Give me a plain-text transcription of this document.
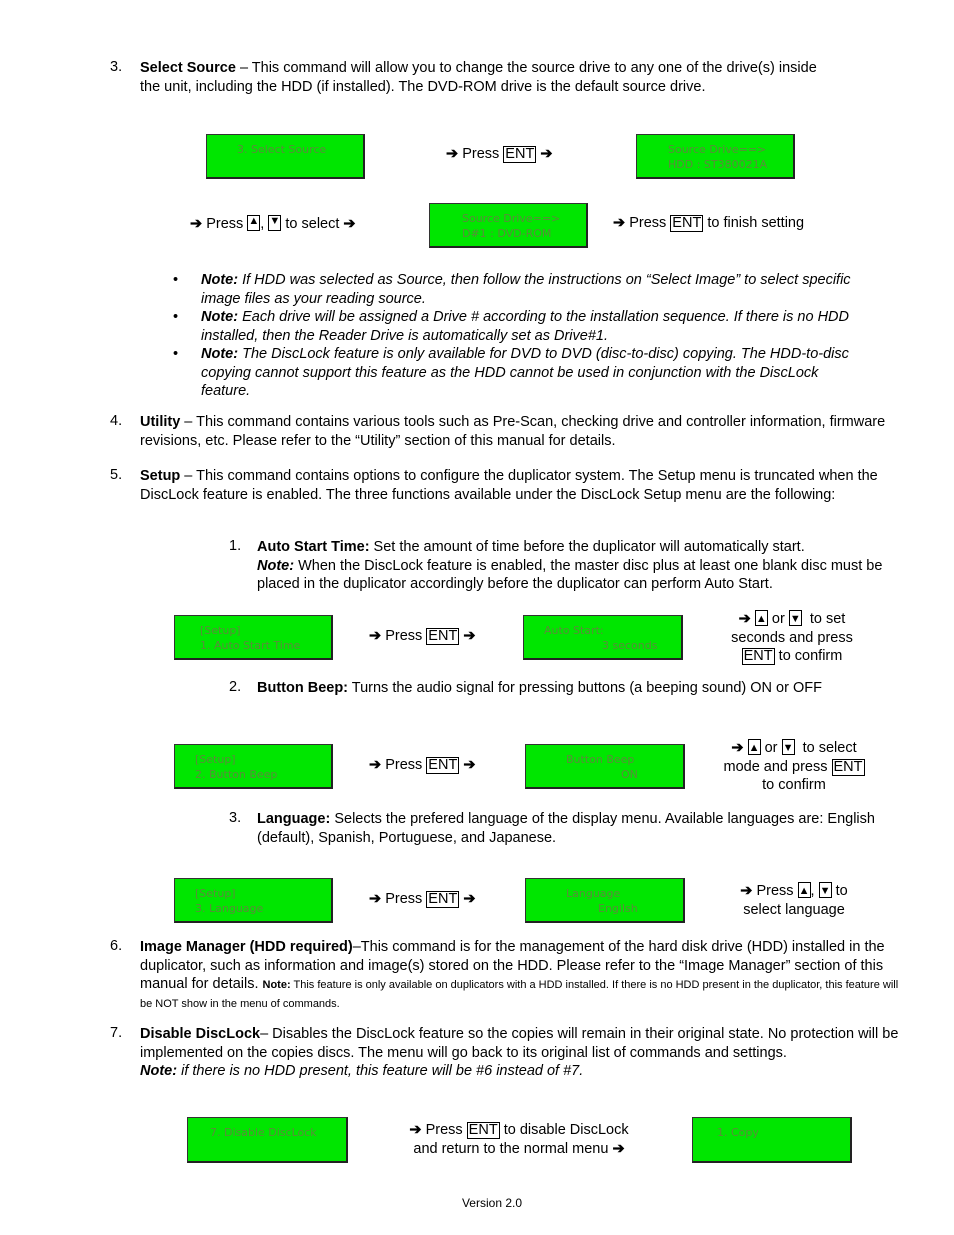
3. Select Source – This command will allow you to change the source drive to any one of the drive(s) inside the unit, including the HDD (if installed). The DVD-ROM drive is the default source drive.

3. Select Source	➔ Press ENT ➔	Source Drive==>
HDD : ST380021A
➔ Press ▲ , ▼ to select ➔	Source Drive==>
D#1 : DVD-ROM
➔ Press ENT to finish setting
• Note: If HDD was selected as Source, then follow the instructions on “Select Image” to select specific image files as your reading source.
• Note: Each drive will be assigned a Drive # according to the installation sequence. If there is no HDD installed, then the Reader Drive is automatically set as Drive#1.
• Note: The DiscLock feature is only available for DVD to DVD (disc-to-disc) copying. The HDD-to-disc copying cannot support this feature as the HDD cannot be used in conjunction with the DiscLock feature.
4. Utility – This command contains various tools such as Pre-Scan, checking drive and controller information, firmware revisions, etc. Please refer to the “Utility” section of this manual for details.

5. Setup – This command contains options to configure the duplicator system. The Setup menu is truncated when the DiscLock feature is enabled. The three functions available under the DiscLock Setup menu are the following:

1. Auto Start Time: Set the amount of time before the duplicator will automatically start.
Note: When the DiscLock feature is enabled, the master disc plus at least one blank disc must be placed in the duplicator accordingly before the duplicator can perform Auto Start.

[Setup]
1. Auto Start Time
➔ Press ENT ➔	Auto Start:
3 seconds
➔ ▲ or ▼ to set
seconds and press
ENT to confirm
2. Button Beep: Turns the audio signal for pressing buttons (a beeping sound) ON or OFF

[Setup]
2. Button Beep
➔ Press ENT ➔	Button Beep
ON
➔ ▲ or ▼ to select
mode and press ENT
to confirm
3. Language: Selects the prefered language of the display menu. Available languages are: English (default), Spanish, Portuguese, and Japanese.

[Setup]
3. Language
➔ Press ENT ➔	Language
Engilsh
➔ Press ▲ , ▼ to
select language
6. Image Manager (HDD required)–This command is for the management of the hard disk drive (HDD) installed in the duplicator, such as information and image(s) stored on the HDD. Please refer to the “Image Manager” section of this manual for details. Note: This feature is only available on duplicators with a HDD installed. If there is no HDD present in the duplicator, this feature will be NOT show in the menu of commands.

7. Disable DiscLock– Disables the DiscLock feature so the copies will remain in their original state. No protection will be implemented on the copies discs. The menu will go back to its original list of commands and settings.
Note: if there is no HDD present, this feature will be #6 instead of #7.

7. Disable DiscLock	➔ Press ENT to disable DiscLock
and return to the normal menu ➔
1. Copy
Version 2.0
